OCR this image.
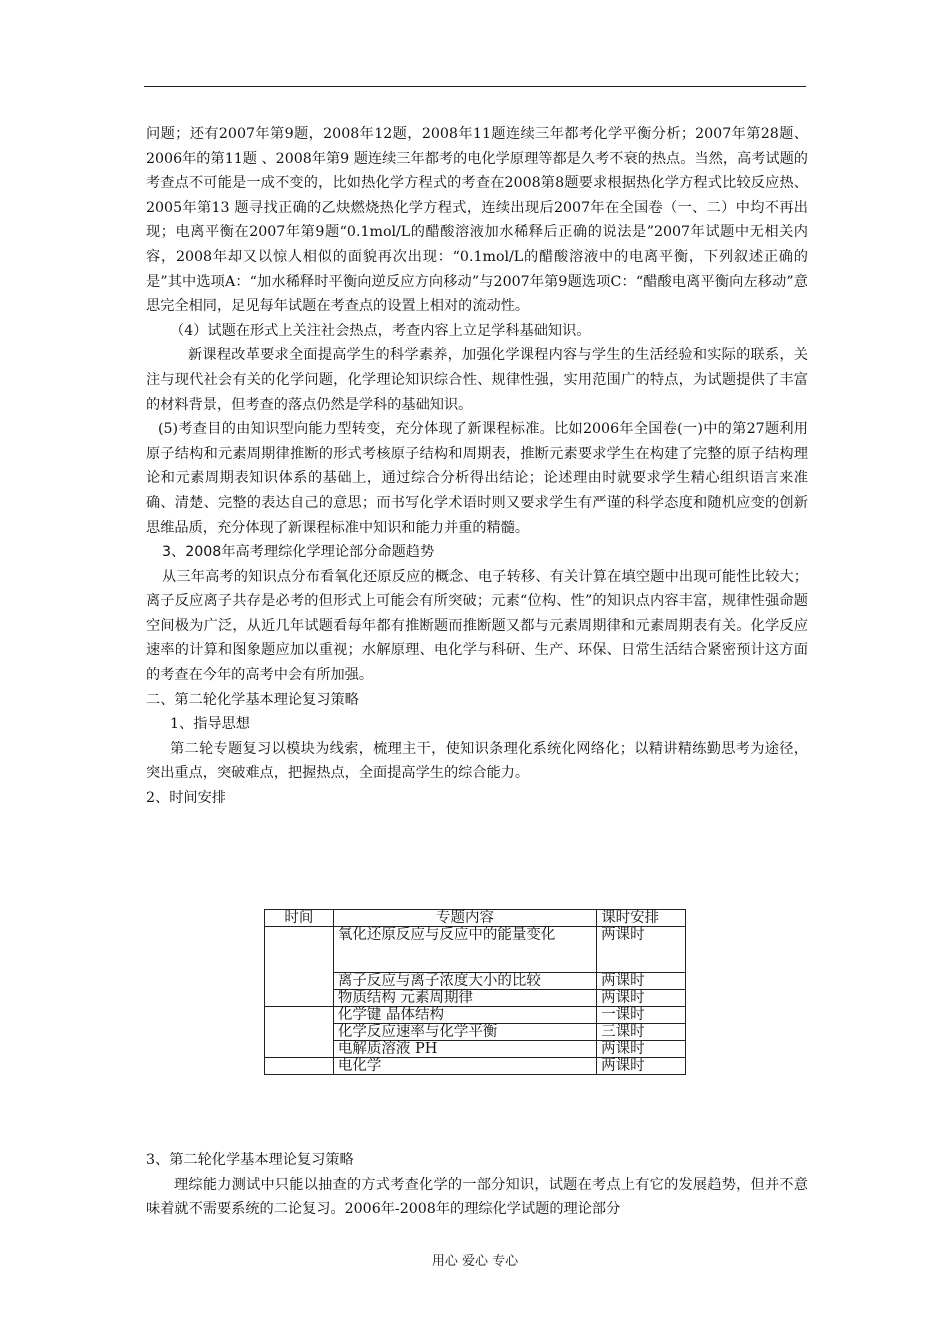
问题；还有2007年第9题，2008年12题，2008年11题连续三年都考化学平衡分析；2007年第28题、2006年的第11题 、2008年第9 题连续三年都考的电化学原理等都是久考不衰的热点。当然，高考试题的考查点不可能是一成不变的，比如热化学方程式的考查在2008第8题要求根据热化学方程式比较反应热、2005年第13 题寻找正确的乙炔燃烧热化学方程式，连续出现后2007年在全国卷（一、二）中均不再出现；电离平衡在2007年第9题“0.1mol/L的醋酸溶液加水稀释后正确的说法是”2007年试题中无相关内容，2008年却又以惊人相似的面貌再次出现：“0.1mol/L的醋酸溶液中的电离平衡，下列叙述正确的是”其中选项A：“加水稀释时平衡向逆反应方向移动”与2007年第9题选项C：“醋酸电离平衡向左移动”意思完全相同，足见每年试题在考查点的设置上相对的流动性。

（4）试题在形式上关注社会热点，考查内容上立足学科基础知识。

新课程改革要求全面提高学生的科学素养，加强化学课程内容与学生的生活经验和实际的联系，关注与现代社会有关的化学问题，化学理论知识综合性、规律性强，实用范围广的特点，为试题提供了丰富的材料背景，但考查的落点仍然是学科的基础知识。

(5)考查目的由知识型向能力型转变，充分体现了新课程标准。比如2006年全国卷(一)中的第27题利用原子结构和元素周期律推断的形式考核原子结构和周期表，推断元素要求学生在构建了完整的原子结构理论和元素周期表知识体系的基础上，通过综合分析得出结论；论述理由时就要求学生精心组织语言来准确、清楚、完整的表达自己的意思；而书写化学术语时则又要求学生有严谨的科学态度和随机应变的创新思维品质，充分体现了新课程标准中知识和能力并重的精髓。

3、2008年高考理综化学理论部分命题趋势

从三年高考的知识点分布看氧化还原反应的概念、电子转移、有关计算在填空题中出现可能性比较大；离子反应离子共存是必考的但形式上可能会有所突破；元素“位构、性”的知识点内容丰富，规律性强命题空间极为广泛，从近几年试题看每年都有推断题而推断题又都与元素周期律和元素周期表有关。化学反应速率的计算和图象题应加以重视；水解原理、电化学与科研、生产、环保、日常生活结合紧密预计这方面的考查在今年的高考中会有所加强。

二、第二轮化学基本理论复习策略

1、指导思想

第二轮专题复习以模块为线索，梳理主干，使知识条理化系统化网络化；以精讲精练勤思考为途径，突出重点，突破难点，把握热点，全面提高学生的综合能力。

2、时间安排

时间	专题内容	课时安排
	氧化还原反应与反应中的能量变化	两课时
	离子反应与离子浓度大小的比较	两课时
	物质结构 元素周期律	两课时
	化学键 晶体结构	一课时
	化学反应速率与化学平衡	三课时
	电解质溶液 PH	两课时
	电化学	两课时

3、第二轮化学基本理论复习策略

理综能力测试中只能以抽查的方式考查化学的一部分知识，试题在考点上有它的发展趋势，但并不意味着就不需要系统的二论复习。2006年-2008年的理综化学试题的理论部分

用心 爱心 专心
